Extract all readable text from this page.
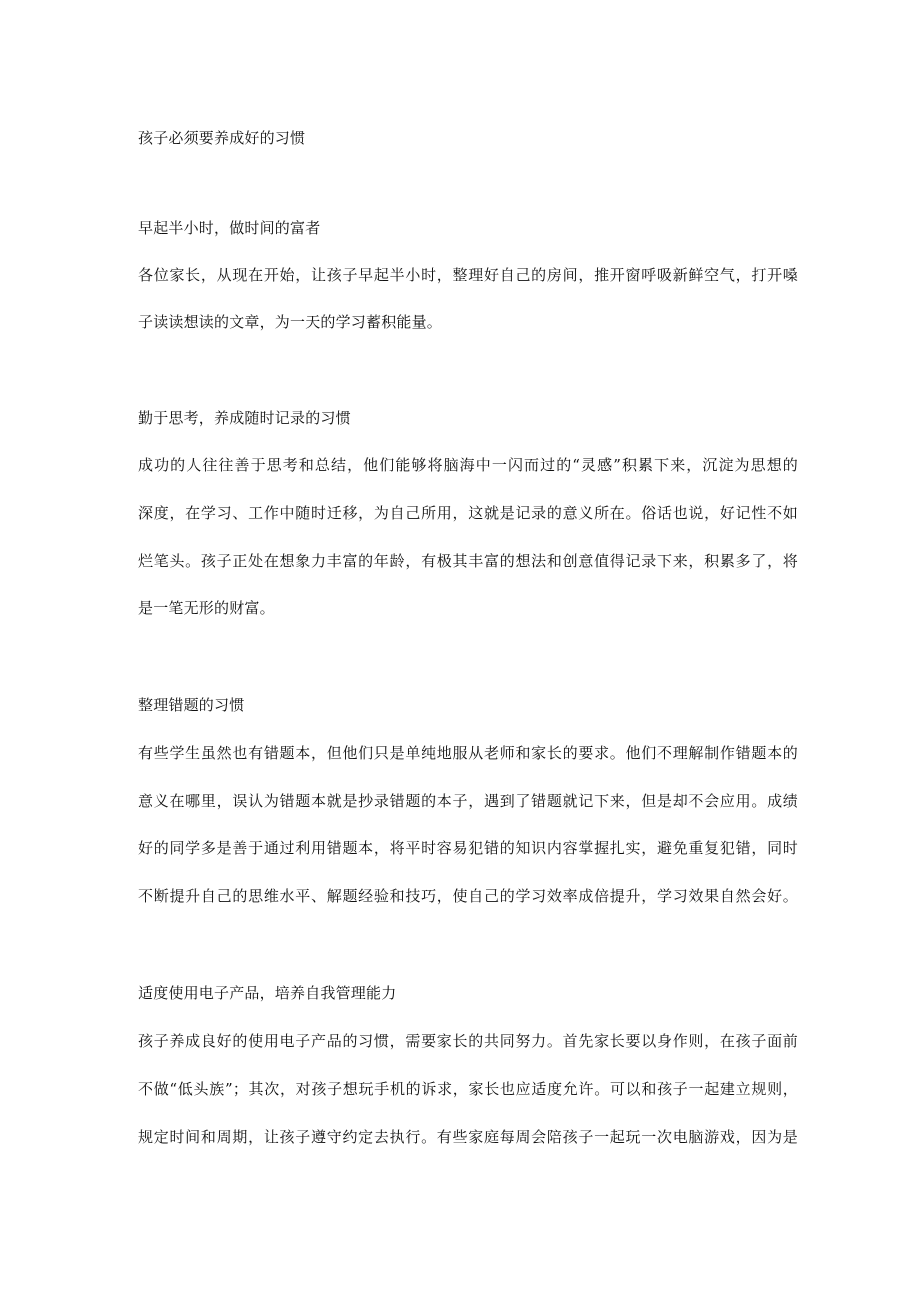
孩子必须要养成好的习惯
早起半小时，做时间的富者
各位家长，从现在开始，让孩子早起半小时，整理好自己的房间，推开窗呼吸新鲜空气，打开嗓
子读读想读的文章，为一天的学习蓄积能量。
勤于思考，养成随时记录的习惯
成功的人往往善于思考和总结，他们能够将脑海中一闪而过的“灵感”积累下来，沉淀为思想的
深度，在学习、工作中随时迁移，为自己所用，这就是记录的意义所在。俗话也说，好记性不如
烂笔头。孩子正处在想象力丰富的年龄，有极其丰富的想法和创意值得记录下来，积累多了，将
是一笔无形的财富。
整理错题的习惯
有些学生虽然也有错题本，但他们只是单纯地服从老师和家长的要求。他们不理解制作错题本的
意义在哪里，误认为错题本就是抄录错题的本子，遇到了错题就记下来，但是却不会应用。成绩
好的同学多是善于通过利用错题本，将平时容易犯错的知识内容掌握扎实，避免重复犯错，同时
不断提升自己的思维水平、解题经验和技巧，使自己的学习效率成倍提升，学习效果自然会好。
适度使用电子产品，培养自我管理能力
孩子养成良好的使用电子产品的习惯，需要家长的共同努力。首先家长要以身作则，在孩子面前
不做“低头族”；其次，对孩子想玩手机的诉求，家长也应适度允许。可以和孩子一起建立规则，
规定时间和周期，让孩子遵守约定去执行。有些家庭每周会陪孩子一起玩一次电脑游戏，因为是
